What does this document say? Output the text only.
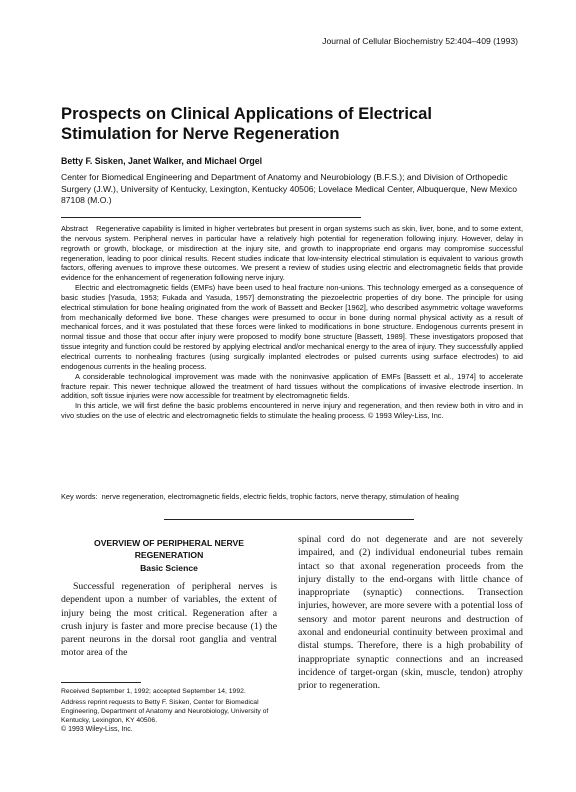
Journal of Cellular Biochemistry 52:404–409 (1993)
Prospects on Clinical Applications of Electrical Stimulation for Nerve Regeneration
Betty F. Sisken, Janet Walker, and Michael Orgel

Center for Biomedical Engineering and Department of Anatomy and Neurobiology (B.F.S.); and Division of Orthopedic Surgery (J.W.), University of Kentucky, Lexington, Kentucky 40506; Lovelace Medical Center, Albuquerque, New Mexico 87108 (M.O.)

Abstract Regenerative capability is limited in higher vertebrates but present in organ systems such as skin, liver, bone, and to some extent, the nervous system. Peripheral nerves in particular have a relatively high potential for regeneration following injury. However, delay in regrowth or growth, blockage, or misdirection at the injury site, and growth to inappropriate end organs may compromise successful regeneration, leading to poor clinical results. Recent studies indicate that low-intensity electrical stimulation is equivalent to various growth factors, offering avenues to improve these outcomes. We present a review of studies using electric and electromagnetic fields that provide evidence for the enhancement of regeneration following nerve injury.

Electric and electromagnetic fields (EMFs) have been used to heal fracture non-unions. This technology emerged as a consequence of basic studies [Yasuda, 1953; Fukada and Yasuda, 1957] demonstrating the piezoelectric properties of dry bone. The principle for using electrical stimulation for bone healing originated from the work of Bassett and Becker [1962], who described asymmetric voltage waveforms from mechanically deformed live bone. These changes were presumed to occur in bone during normal physical activity as a result of mechanical forces, and it was postulated that these forces were linked to modifications in bone structure. Endogenous currents present in normal tissue and those that occur after injury were proposed to modify bone structure [Bassett, 1989]. These investigators proposed that tissue integrity and function could be restored by applying electrical and/or mechanical energy to the area of injury. They successfully applied electrical currents to nonhealing fractures (using surgically implanted electrodes or pulsed currents using surface electrodes) to aid endogenous currents in the healing process.

A considerable technological improvement was made with the noninvasive application of EMFs [Bassett et al., 1974] to accelerate fracture repair. This newer technique allowed the treatment of hard tissues without the complications of invasive electrode insertion. In addition, soft tissue injuries were now accessible for treatment by electromagnetic fields.

In this article, we will first define the basic problems encountered in nerve injury and regeneration, and then review both in vitro and in vivo studies on the use of electric and electromagnetic fields to stimulate the healing process. © 1993 Wiley-Liss, Inc.

Key words: nerve regeneration, electromagnetic fields, electric fields, trophic factors, nerve therapy, stimulation of healing
OVERVIEW OF PERIPHERAL NERVE REGENERATION
Basic Science

Successful regeneration of peripheral nerves is dependent upon a number of variables, the extent of injury being the most critical. Regeneration after a crush injury is faster and more precise because (1) the parent neurons in the dorsal root ganglia and ventral motor area of the

spinal cord do not degenerate and are not severely impaired, and (2) individual endoneurial tubes remain intact so that axonal regeneration proceeds from the injury distally to the end-organs with little chance of inappropriate (synaptic) connections. Transection injuries, however, are more severe with a potential loss of sensory and motor parent neurons and destruction of axonal and endoneurial continuity between proximal and distal stumps. Therefore, there is a high probability of inappropriate synaptic connections and an increased incidence of target-organ (skin, muscle, tendon) atrophy prior to regeneration.

Received September 1, 1992; accepted September 14, 1992.

Address reprint requests to Betty F. Sisken, Center for Biomedical Engineering, Department of Anatomy and Neurobiology, University of Kentucky, Lexington, KY 40506.

© 1993 Wiley-Liss, Inc.
